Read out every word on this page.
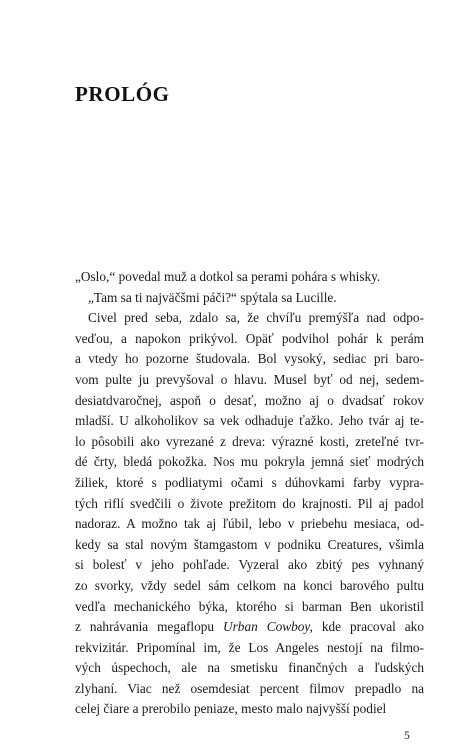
PROLÓG
„Oslo,“ povedal muž a dotkol sa perami pohára s whisky.
„Tam sa ti najväčšmi páči?“ spýtala sa Lucille.
Civel pred seba, zdalo sa, že chvíľu premýšľa nad odpo-
veďou, a napokon prikývol. Opäť podvihol pohár k perám
a vtedy ho pozorne študovala. Bol vysoký, sediac pri baro-
vom pulte ju prevyšoval o hlavu. Musel byť od nej, sedem-
desiatdvaročnej, aspoň o desať, možno aj o dvadsať rokov
mladší. U alkoholikov sa vek odhaduje ťažko. Jeho tvár aj te-
lo pôsobili ako vyrezané z dreva: výrazné kosti, zreteľné tvr-
dé črty, bledá pokožka. Nos mu pokryla jemná sieť modrých
žiliek, ktoré s podliatymi očami s dúhovkami farby vypra-
tých riflí svedčili o živote prežitom do krajnosti. Pil aj padol
nadoraz. A možno tak aj ľúbil, lebo v priebehu mesiaca, od-
kedy sa stal novým štamgastom v podniku Creatures, všimla
si bolesť v jeho pohľade. Vyzeral ako zbitý pes vyhnaný
zo svorky, vždy sedel sám celkom na konci barového pultu
vedľa mechanického býka, ktorého si barman Ben ukoristil
z nahrávania megaflopu Urban Cowboy, kde pracoval ako
rekvizitár. Pripomínal im, že Los Angeles nestojí na filmo-
vých úspechoch, ale na smetisku finančných a ľudských
zlyhaní. Viac než osemdesiat percent filmov prepadlo na
celej čiare a prerobilo peniaze, mesto malo najvyšší podiel
5
